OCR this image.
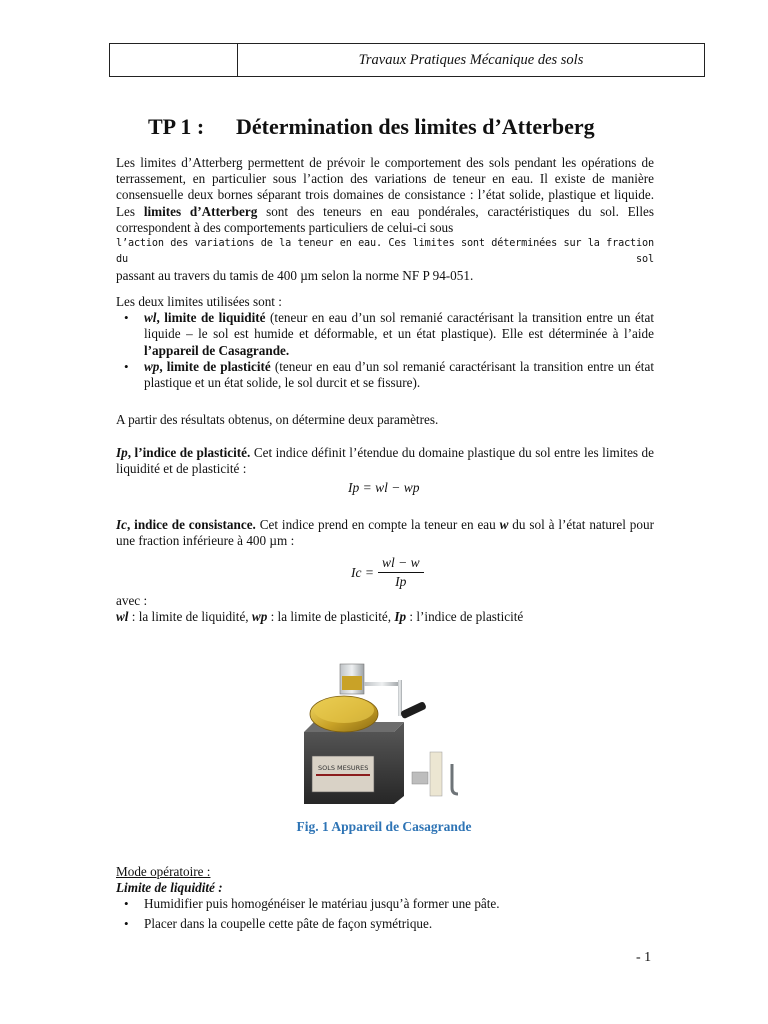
Travaux Pratiques Mécanique des sols
TP 1 : Détermination des limites d’Atterberg
Les limites d’Atterberg permettent de prévoir le comportement des sols pendant les opérations de terrassement, en particulier sous l’action des variations de teneur en eau. Il existe de manière consensuelle deux bornes séparant trois domaines de consistance : l’état solide, plastique et liquide. Les limites d’Atterberg sont des teneurs en eau pondérales, caractéristiques du sol. Elles correspondent à des comportements particuliers de celui-ci sous
l’action des variations de la teneur en eau. Ces limites sont déterminées sur la fraction du sol
passant au travers du tamis de 400 µm selon la norme NF P 94-051.
Les deux limites utilisées sont :
• wl, limite de liquidité (teneur en eau d’un sol remanié caractérisant la transition entre un état liquide – le sol est humide et déformable, et un état plastique). Elle est déterminée à l’aide l’appareil de Casagrande.
• wp, limite de plasticité (teneur en eau d’un sol remanié caractérisant la transition entre un état plastique et un état solide, le sol durcit et se fissure).
A partir des résultats obtenus, on détermine deux paramètres.
Ip, l’indice de plasticité. Cet indice définit l’étendue du domaine plastique du sol entre les limites de liquidité et de plasticité :
Ip = wl − wp
Ic, indice de consistance. Cet indice prend en compte la teneur en eau w du sol à l’état naturel pour une fraction inférieure à 400 µm :
$Ic = \frac{wl - w}{Ip}$
avec :
wl : la limite de liquidité, wp : la limite de plasticité, Ip : l’indice de plasticité
SOLS MESURES
Fig. 1 Appareil de Casagrande
Mode opératoire :
Limite de liquidité :
• Humidifier puis homogénéiser le matériau jusqu’à former une pâte.
• Placer dans la coupelle cette pâte de façon symétrique.
- 1
